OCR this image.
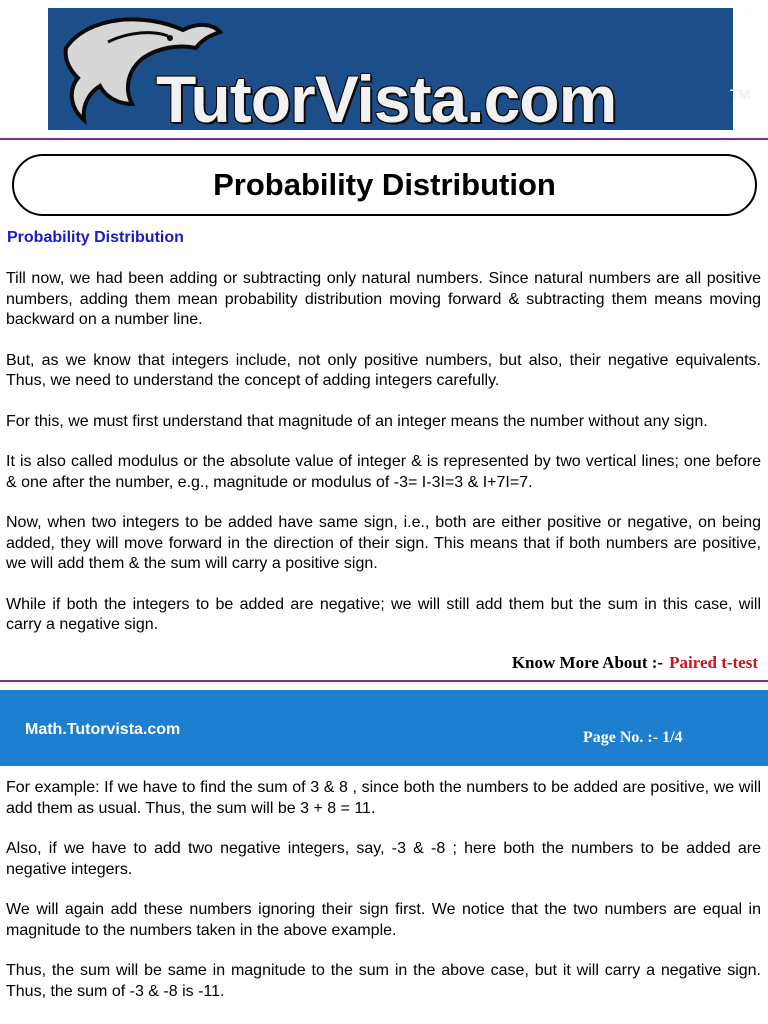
TutorVista.com	TM
Probability Distribution
Probability Distribution

Till now, we had been adding or subtracting only natural numbers. Since natural numbers are all positive numbers, adding them mean probability distribution moving forward & subtracting them means moving backward on a number line.

But, as we know that integers include, not only positive numbers, but also, their negative equivalents. Thus, we need to understand the concept of adding integers carefully.

For this, we must first understand that magnitude of an integer means the number without any sign.

It is also called modulus or the absolute value of integer & is represented by two vertical lines; one before & one after the number, e.g., magnitude or modulus of -3= I-3I=3 & I+7I=7.

Now, when two integers to be added have same sign, i.e., both are either positive or negative, on being added, they will move forward in the direction of their sign. This means that if both numbers are positive, we will add them & the sum will carry a positive sign.

While if both the integers to be added are negative; we will still add them but the sum in this case, will carry a negative sign.

Know More About :- Paired t-test
Math.Tutorvista.com	Page No. :- 1/4

For example: If we have to find the sum of 3 & 8 , since both the numbers to be added are positive, we will add them as usual. Thus, the sum will be 3 + 8 = 11.

Also, if we have to add two negative integers, say, -3 & -8 ; here both the numbers to be added are negative integers.

We will again add these numbers ignoring their sign first. We notice that the two numbers are equal in magnitude to the numbers taken in the above example.

Thus, the sum will be same in magnitude to the sum in the above case, but it will carry a negative sign. Thus, the sum of -3 & -8 is -11.
